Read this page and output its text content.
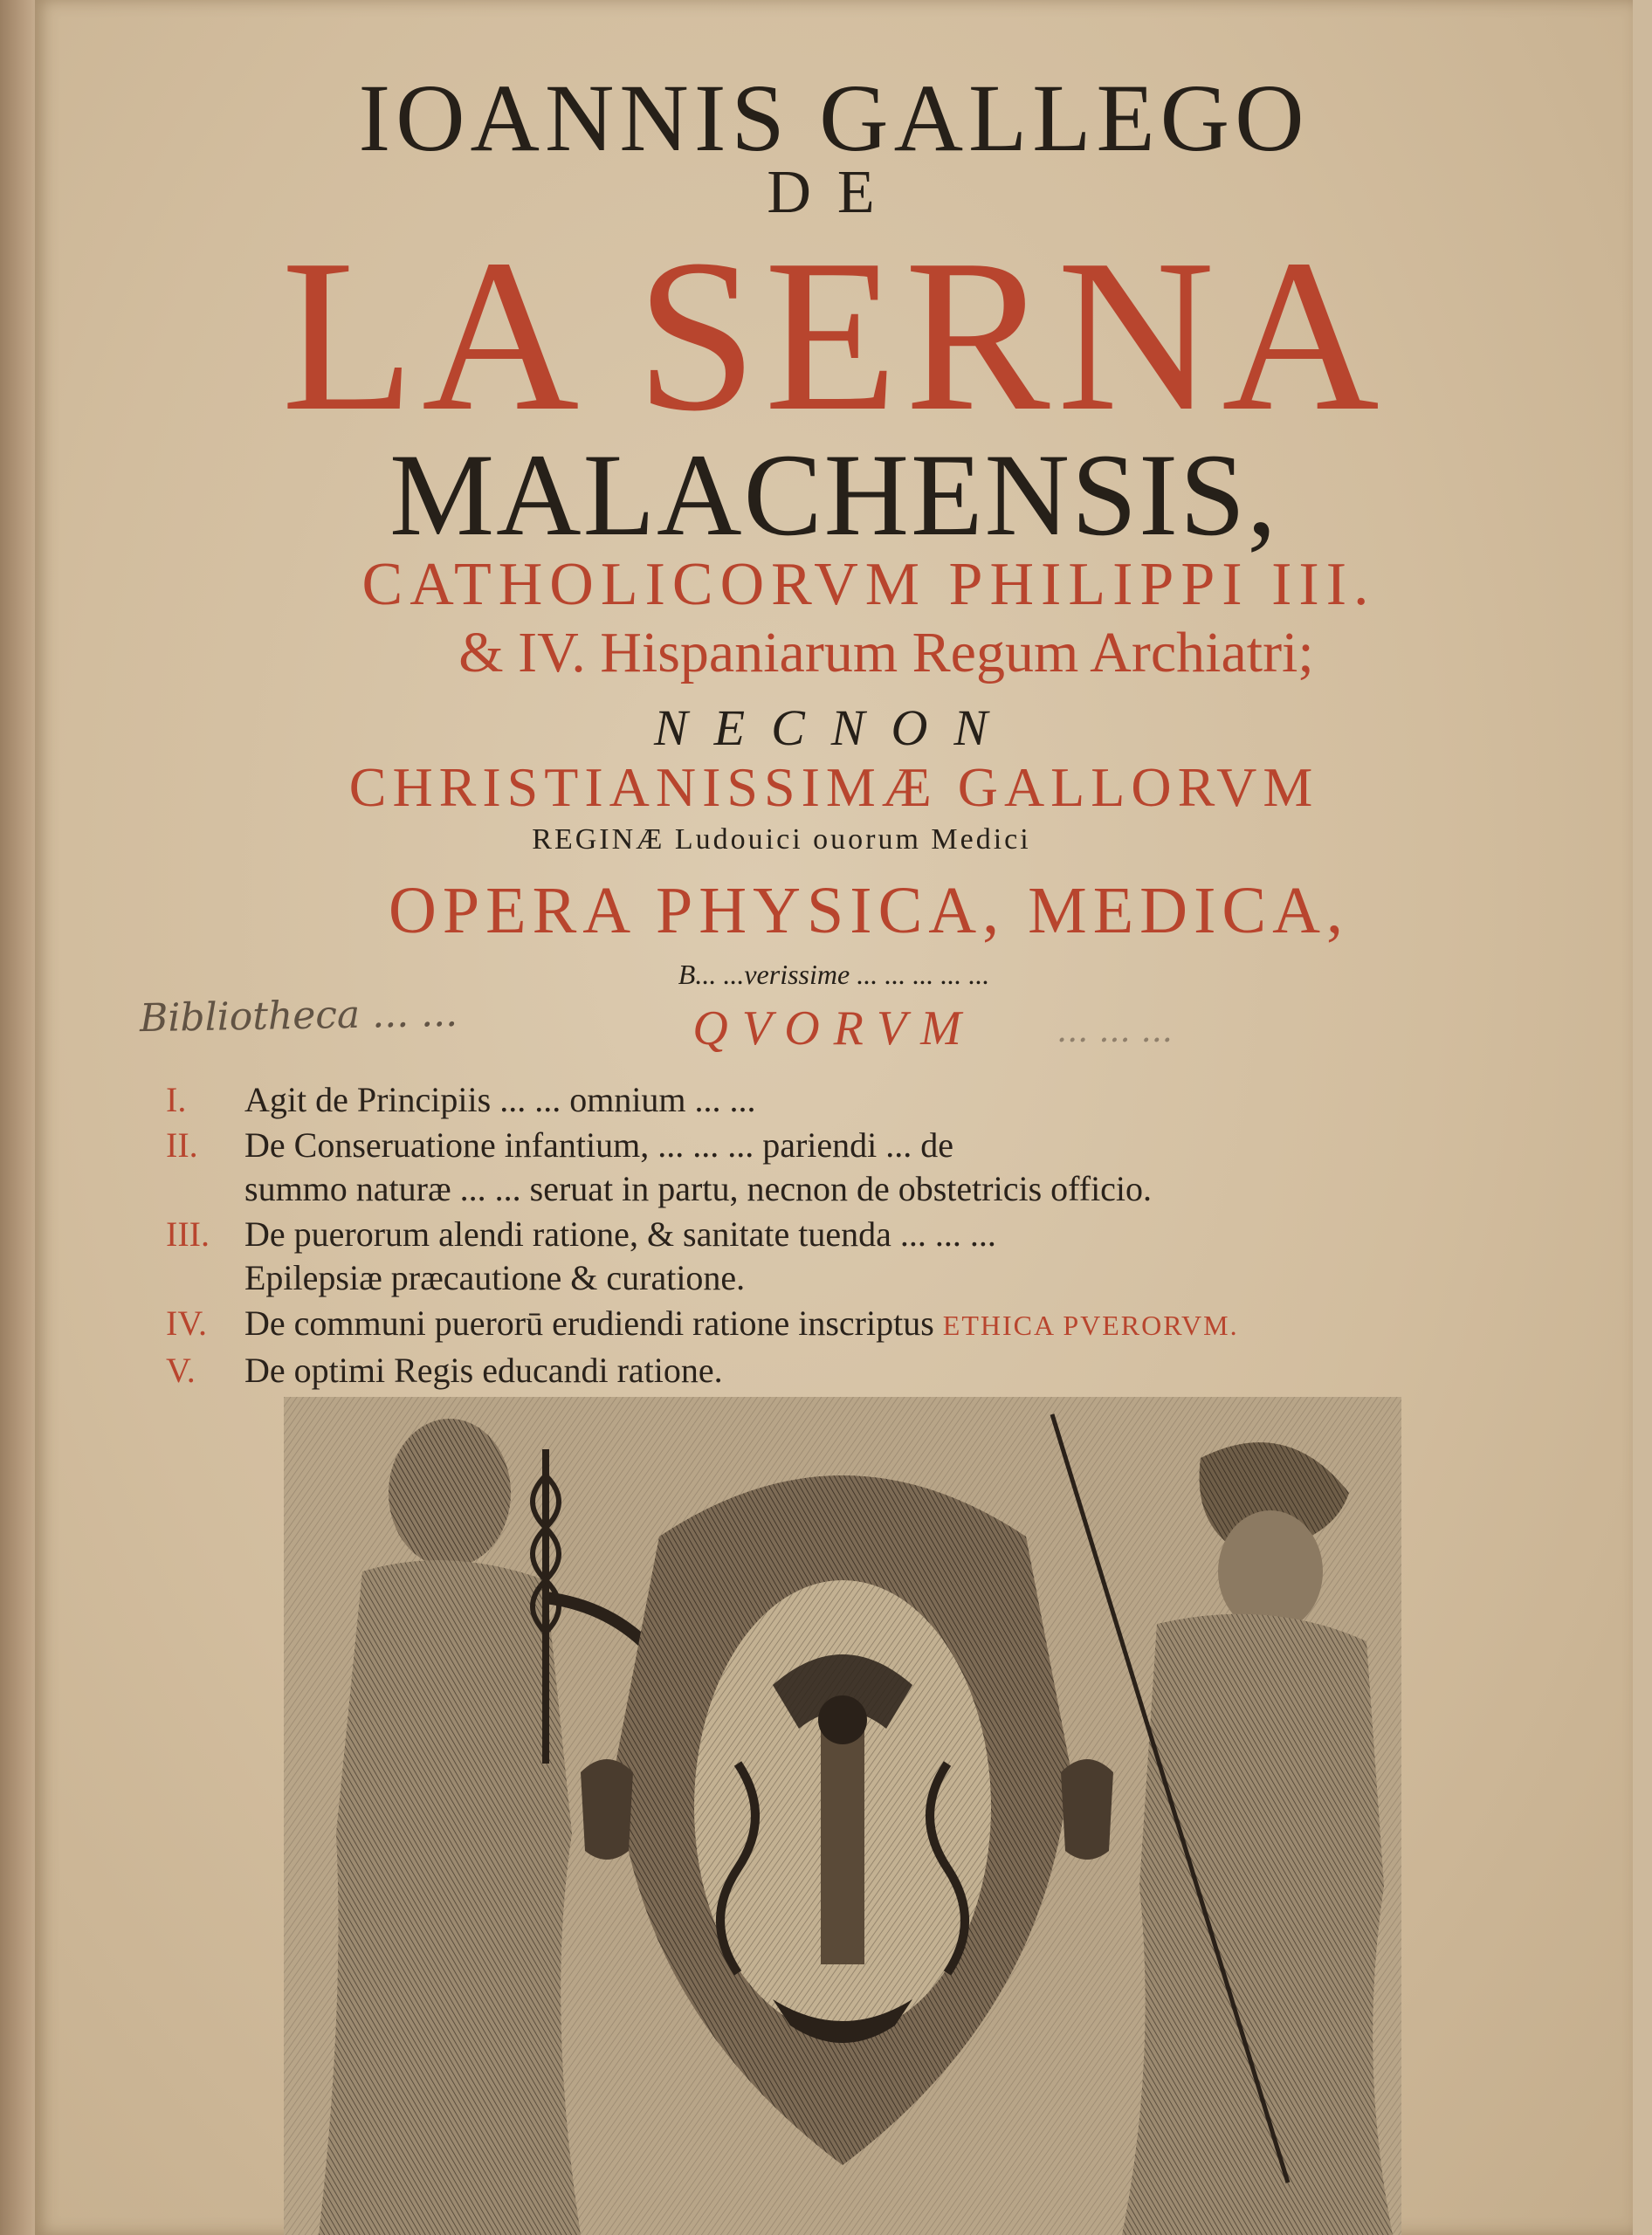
IOANNIS GALLEGO
DE
LA SERNA
MALACHENSIS,
CATHOLICORVM PHILIPPI III.
& IV. Hispaniarum Regum Archiatri;
NECNON
CHRISTIANISSIMÆ GALLORVM
REGINÆ Ludouici ouorum Medici
OPERA PHYSICA, MEDICA,
B... ...verissime ... ... ... ... ...
QVORVM
Bibliotheca ... ...	... ... ...
I.	Agit de Principiis ... ... omnium ... ...
II.	De Conseruatione infantium, ... ... ... pariendi ... de
summo naturæ ... ... seruat in partu, necnon de obstetricis officio.
III.	De puerorum alendi ratione, & sanitate tuenda ... ... ...
Epilepsiæ præcautione & curatione.
IV.	De communi puerorū erudiendi ratione inscriptus ETHICA PVERORVM.
V.	De optimi Regis educandi ratione.
